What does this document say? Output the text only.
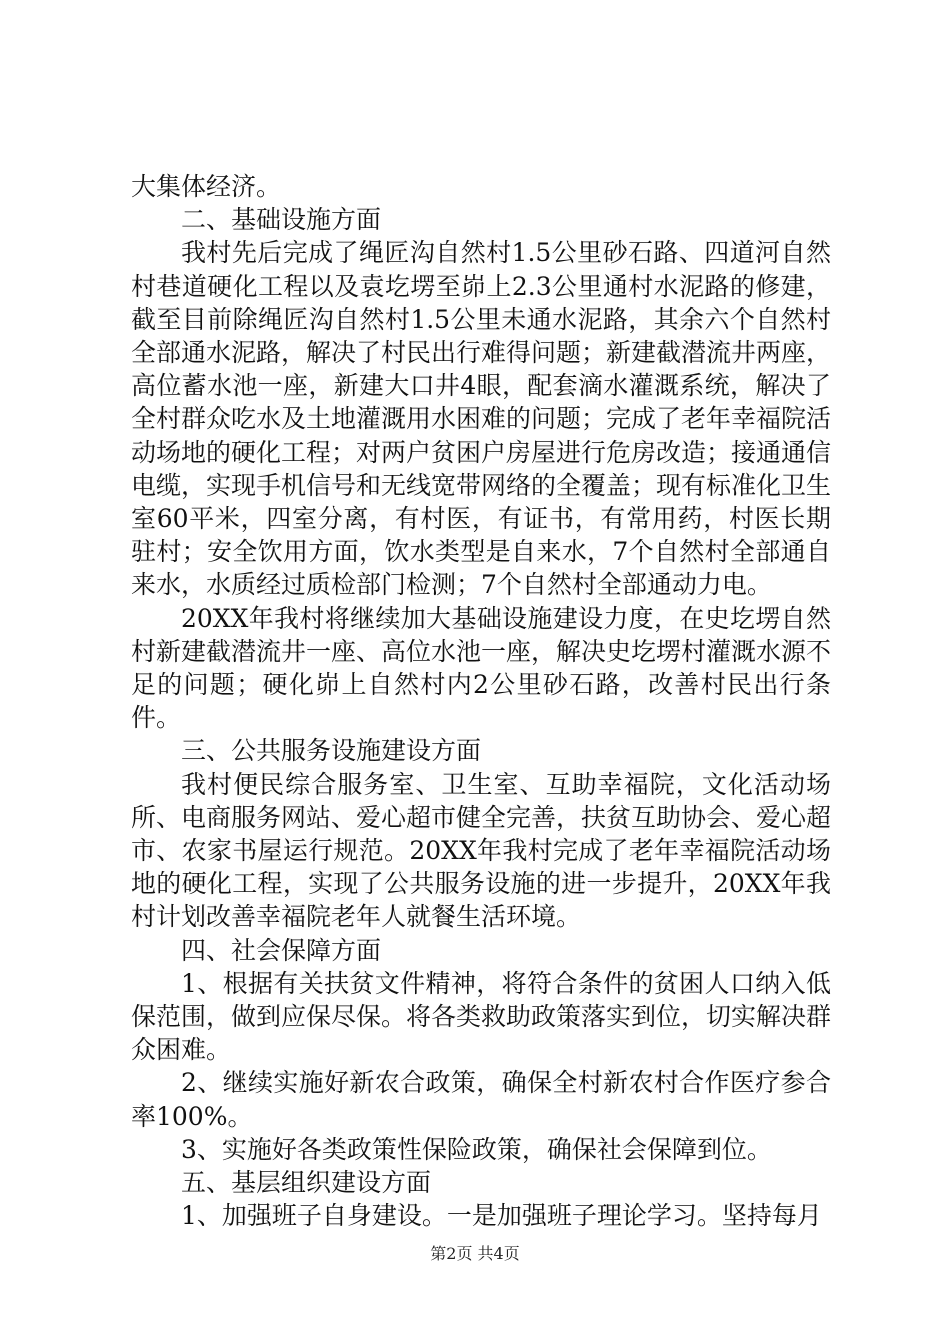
大集体经济。

二、基础设施方面

我村先后完成了绳匠沟自然村1.5公里砂石路、四道河自然村巷道硬化工程以及袁圪塄至峁上2.3公里通村水泥路的修建，截至目前除绳匠沟自然村1.5公里未通水泥路，其余六个自然村全部通水泥路，解决了村民出行难得问题；新建截潜流井两座，高位蓄水池一座，新建大口井4眼，配套滴水灌溉系统，解决了全村群众吃水及土地灌溉用水困难的问题；完成了老年幸福院活动场地的硬化工程；对两户贫困户房屋进行危房改造；接通通信电缆，实现手机信号和无线宽带网络的全覆盖；现有标准化卫生室60平米，四室分离，有村医，有证书，有常用药，村医长期驻村；安全饮用方面，饮水类型是自来水，7个自然村全部通自来水，水质经过质检部门检测；7个自然村全部通动力电。

20XX年我村将继续加大基础设施建设力度，在史圪塄自然村新建截潜流井一座、高位水池一座，解决史圪塄村灌溉水源不足的问题；硬化峁上自然村内2公里砂石路，改善村民出行条件。

三、公共服务设施建设方面

我村便民综合服务室、卫生室、互助幸福院，文化活动场所、电商服务网站、爱心超市健全完善，扶贫互助协会、爱心超市、农家书屋运行规范。20XX年我村完成了老年幸福院活动场地的硬化工程，实现了公共服务设施的进一步提升，20XX年我村计划改善幸福院老年人就餐生活环境。

四、社会保障方面

1、根据有关扶贫文件精神，将符合条件的贫困人口纳入低保范围，做到应保尽保。将各类救助政策落实到位，切实解决群众困难。

2、继续实施好新农合政策，确保全村新农村合作医疗参合率100%。

3、实施好各类政策性保险政策，确保社会保障到位。

五、基层组织建设方面

1、加强班子自身建设。一是加强班子理论学习。坚持每月

第2页 共4页
